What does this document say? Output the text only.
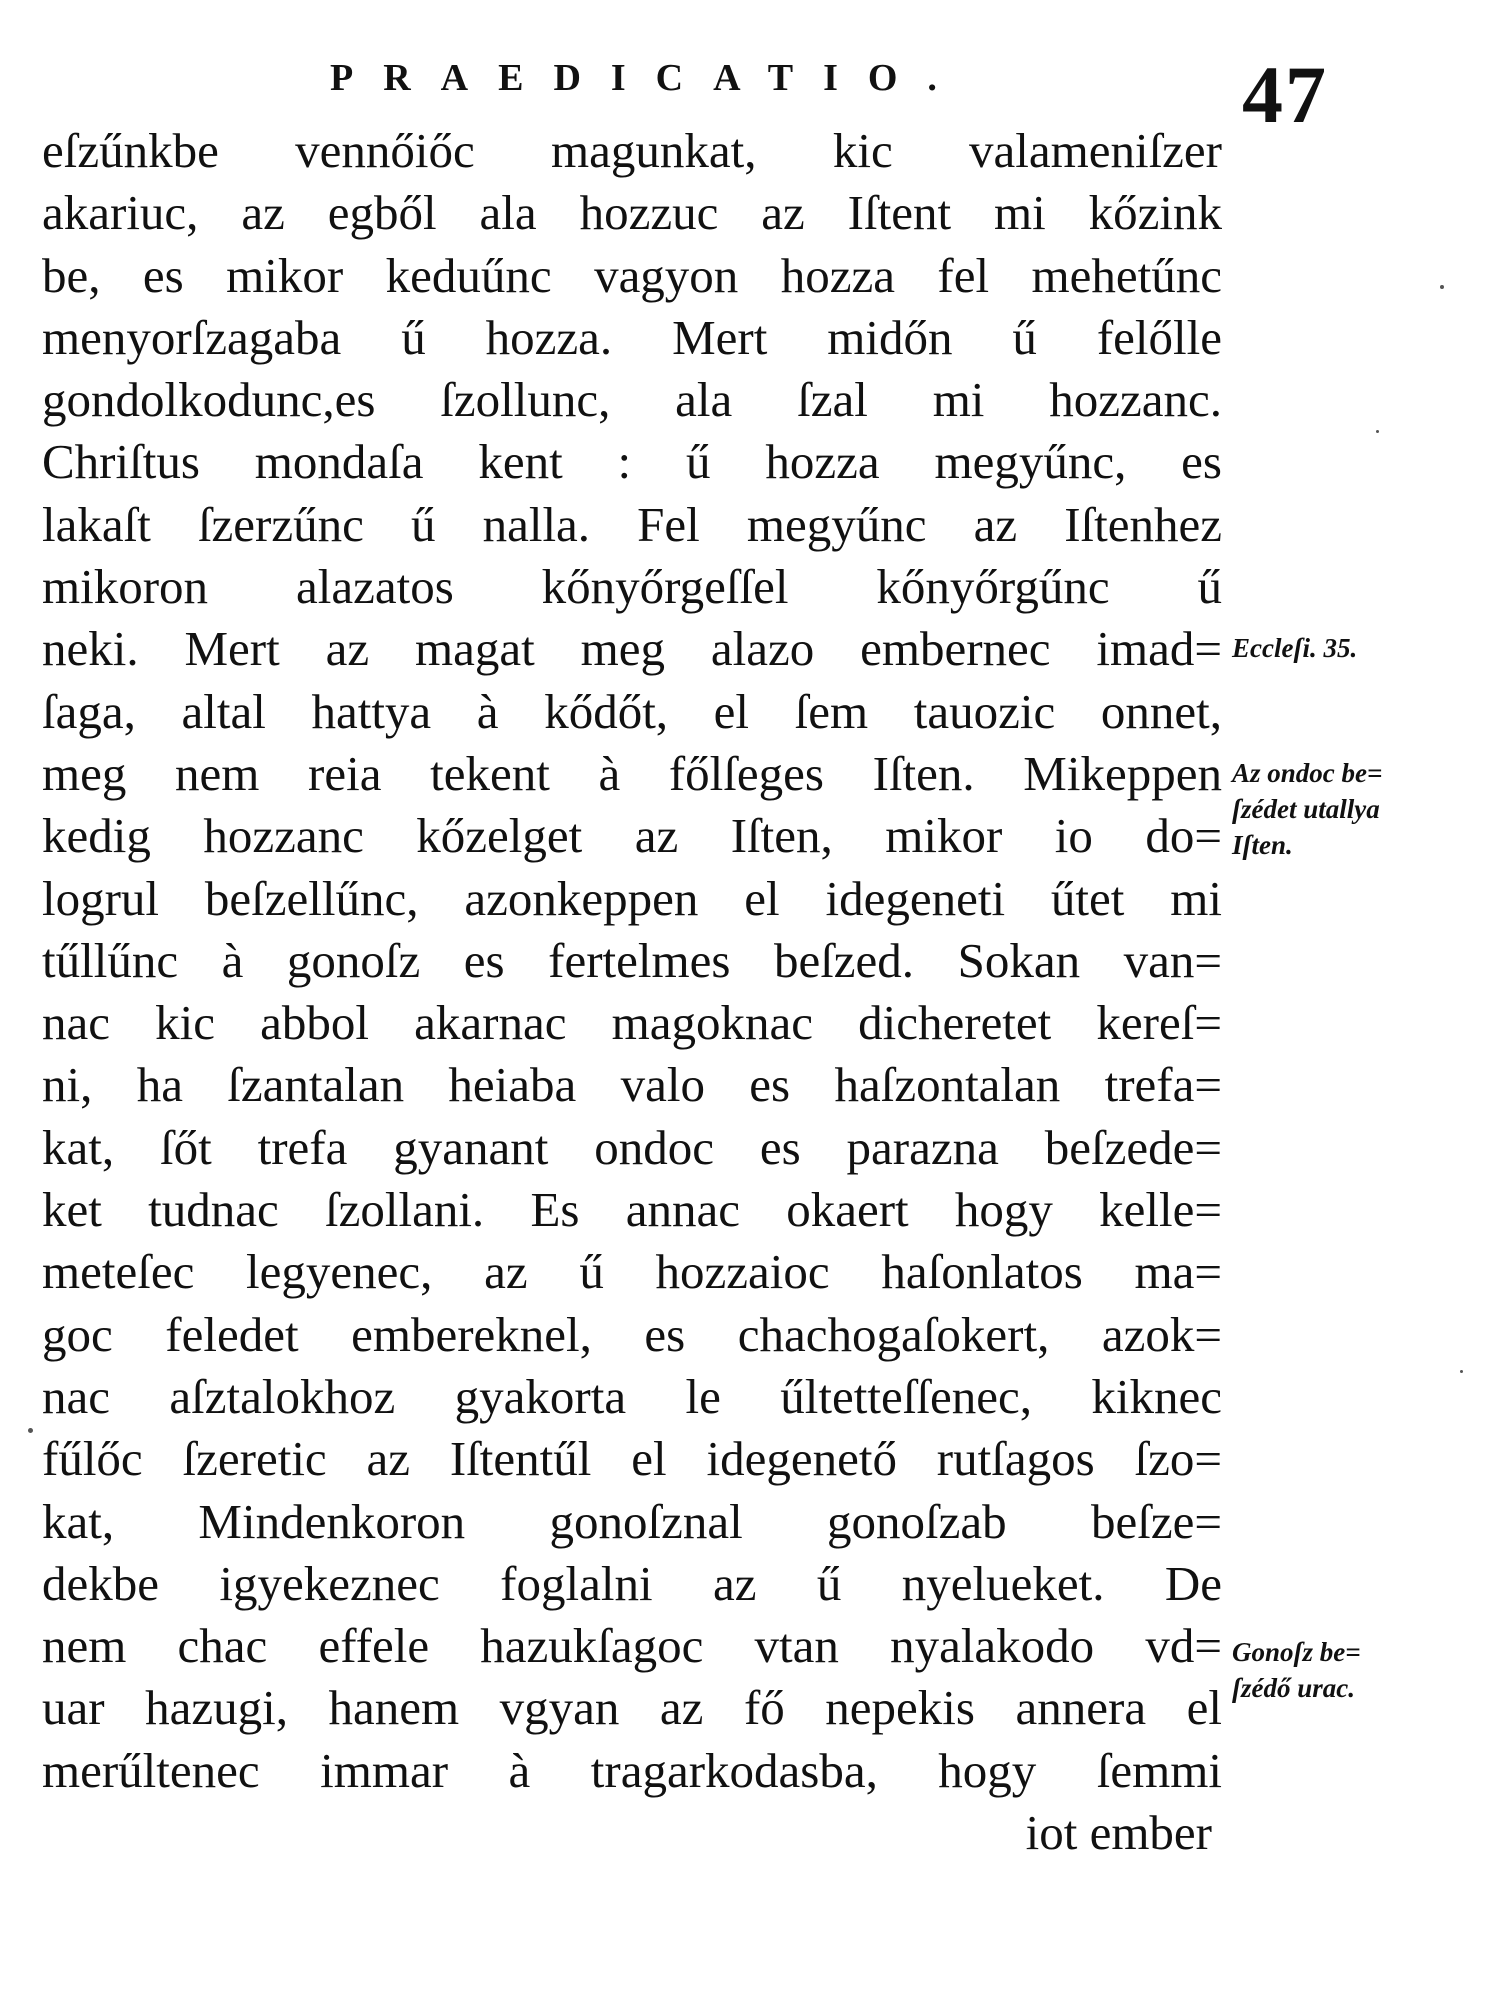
PRAEDICATIO.	47
eſzűnkbe vennőiőc magunkat, kic valameniſzer
akariuc, az egből ala hozzuc az Iſtent mi kőzink
be, es mikor keduűnc vagyon hozza fel mehetűnc
menyorſzagaba ű hozza. Mert midőn ű felőlle
gondolkodunc,es ſzollunc, ala ſzal mi hozzanc.
Chriſtus mondaſa kent : ű hozza megyűnc, es
lakaſt ſzerzűnc ű nalla. Fel megyűnc az Iſtenhez
mikoron alazatos kőnyőrgeſſel kőnyőrgűnc ű
neki. Mert az magat meg alazo embernec imad=
ſaga, altal hattya à kődőt, el ſem tauozic onnet,
meg nem reia tekent à főlſeges Iſten. Mikeppen
kedig hozzanc kőzelget az Iſten, mikor io do=
logrul beſzellűnc, azonkeppen el idegeneti űtet mi
tűllűnc à gonoſz es fertelmes beſzed. Sokan van=
nac kic abbol akarnac magoknac dicheretet kereſ=
ni, ha ſzantalan heiaba valo es haſzontalan trefa=
kat, ſőt trefa gyanant ondoc es parazna beſzede=
ket tudnac ſzollani. Es annac okaert hogy kelle=
meteſec legyenec, az ű hozzaioc haſonlatos ma=
goc feledet embereknel, es chachogaſokert, azok=
nac aſztalokhoz gyakorta le űltetteſſenec, kiknec
fűlőc ſzeretic az Iſtentűl el idegenető rutſagos ſzo=
kat, Mindenkoron gonoſznal gonoſzab beſze=
dekbe igyekeznec foglalni az ű nyelueket. De
nem chac effele hazukſagoc vtan nyalakodo vd=
uar hazugi, hanem vgyan az fő nepekis annera el
merűltenec immar à tragarkodasba, hogy ſemmi
iot ember
Eccleſi. 35.
Az ondoc be=
ſzédet utallya
Iſten.
Gonoſz be=
ſzédő urac.
